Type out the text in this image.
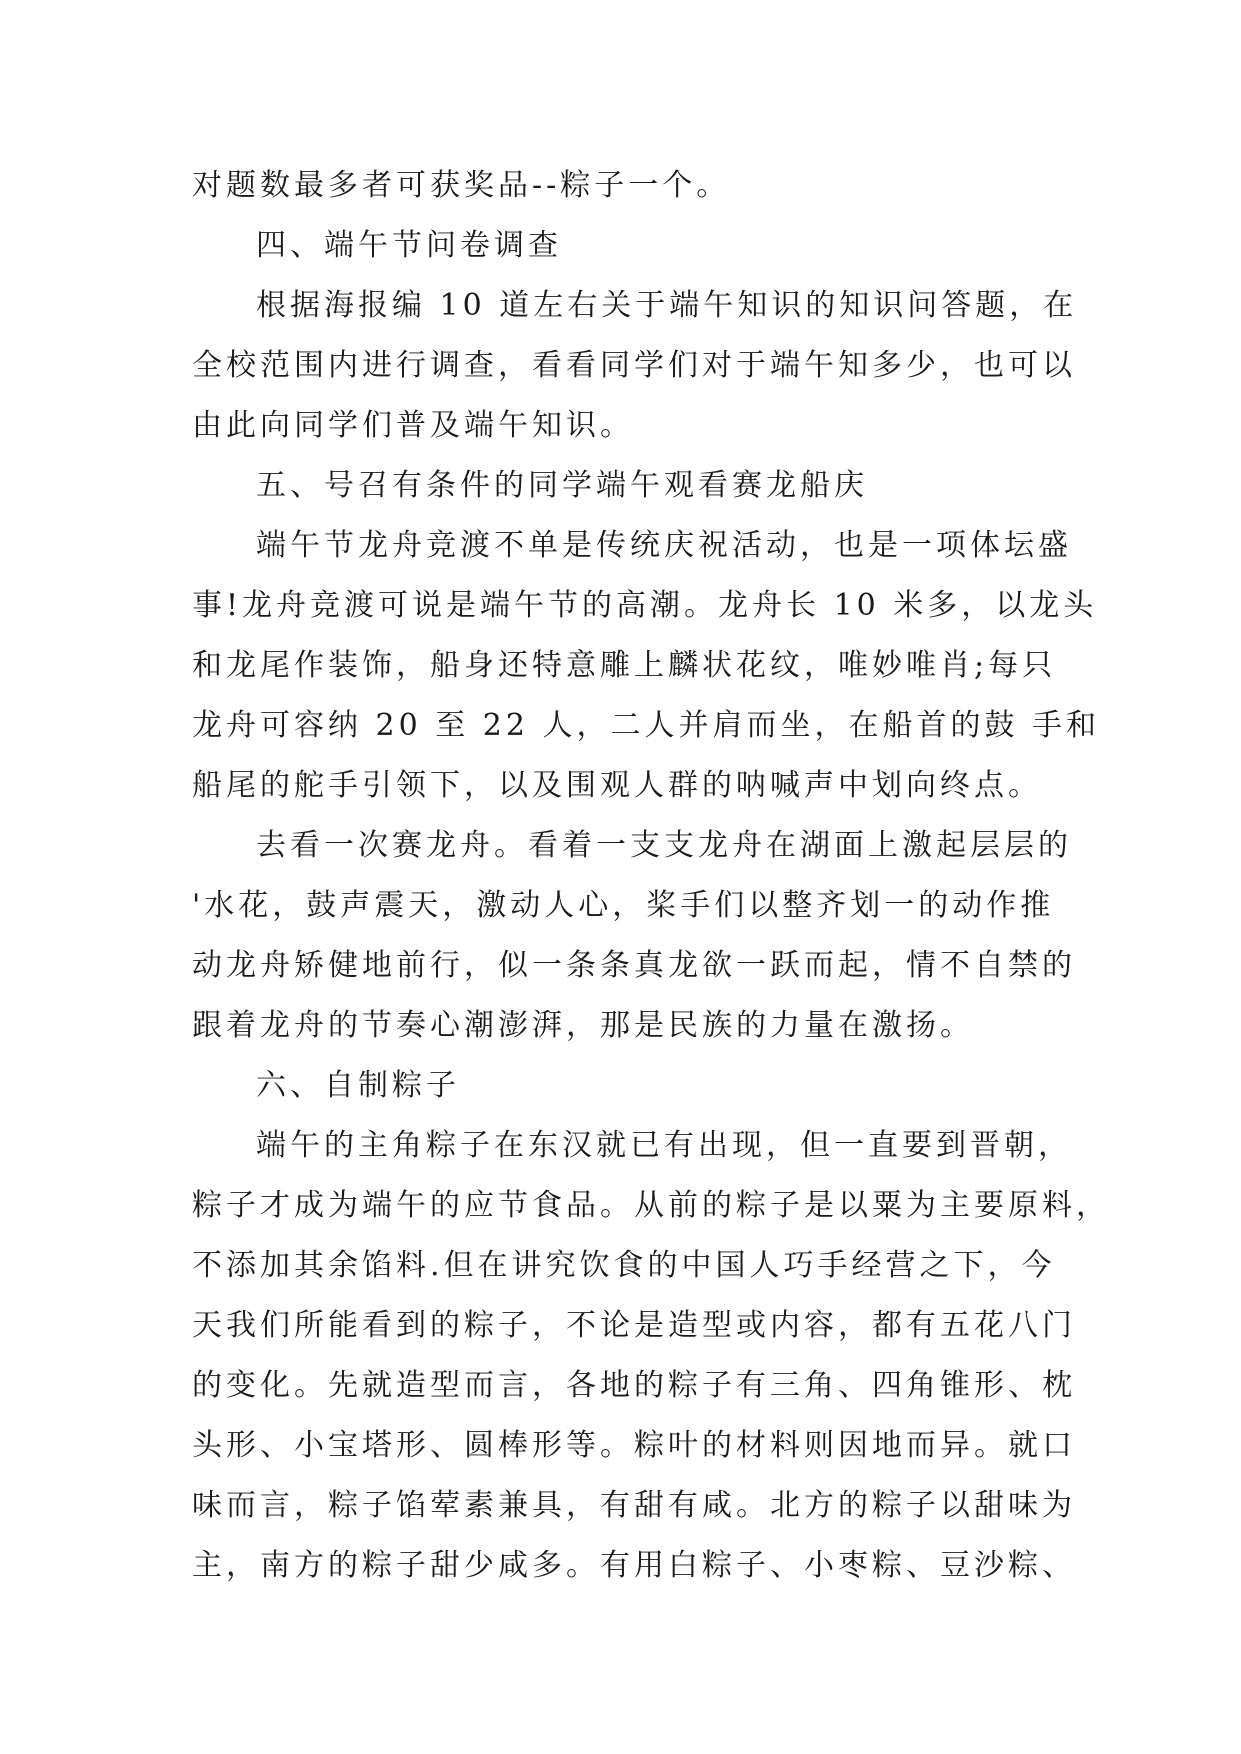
对题数最多者可获奖品--粽子一个。
四、端午节问卷调查
根据海报编 10 道左右关于端午知识的知识问答题，在
全校范围内进行调查，看看同学们对于端午知多少，也可以
由此向同学们普及端午知识。
五、号召有条件的同学端午观看赛龙船庆
端午节龙舟竞渡不单是传统庆祝活动，也是一项体坛盛
事!龙舟竞渡可说是端午节的高潮。龙舟长 10 米多，以龙头
和龙尾作装饰，船身还特意雕上麟状花纹，唯妙唯肖;每只
龙舟可容纳 20 至 22 人，二人并肩而坐，在船首的鼓 手和
船尾的舵手引领下，以及围观人群的呐喊声中划向终点。
去看一次赛龙舟。看着一支支龙舟在湖面上激起层层的
'水花，鼓声震天，激动人心，桨手们以整齐划一的动作推
动龙舟矫健地前行，似一条条真龙欲一跃而起，情不自禁的
跟着龙舟的节奏心潮澎湃，那是民族的力量在激扬。
六、自制粽子
端午的主角粽子在东汉就已有出现，但一直要到晋朝，
粽子才成为端午的应节食品。从前的粽子是以粟为主要原料，
不添加其余馅料.但在讲究饮食的中国人巧手经营之下，今
天我们所能看到的粽子，不论是造型或内容，都有五花八门
的变化。先就造型而言，各地的粽子有三角、四角锥形、枕
头形、小宝塔形、圆棒形等。粽叶的材料则因地而异。就口
味而言，粽子馅荤素兼具，有甜有咸。北方的粽子以甜味为
主，南方的粽子甜少咸多。有用白粽子、小枣粽、豆沙粽、
